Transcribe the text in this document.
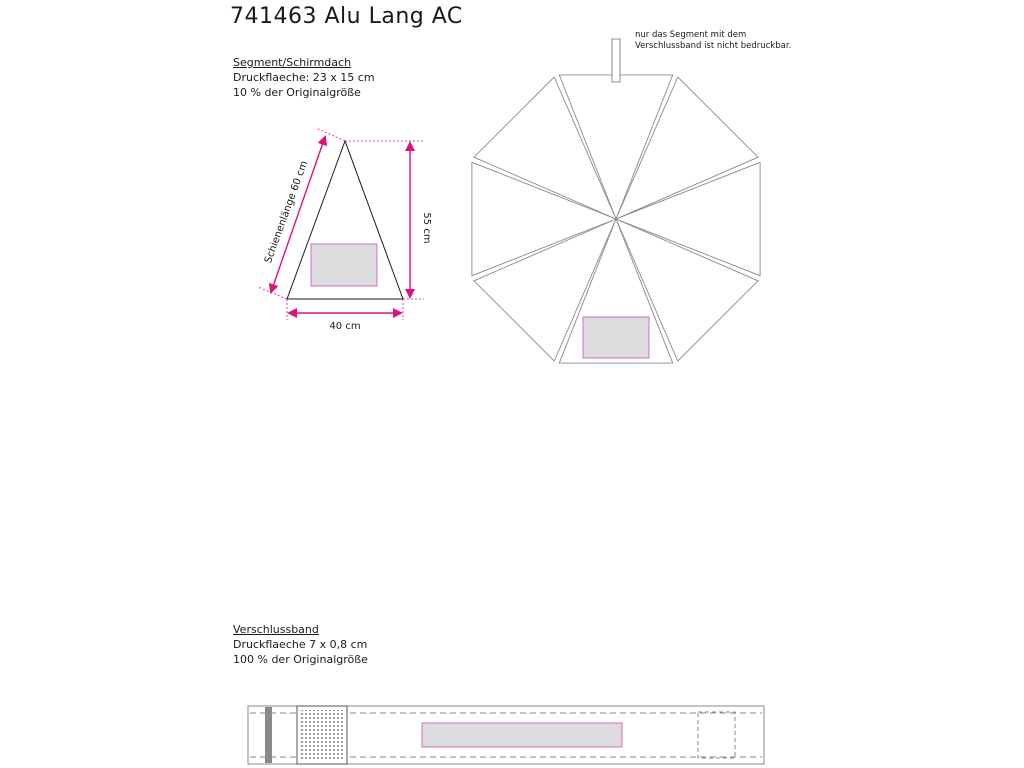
741463 Alu Lang AC
Segment/Schirmdach
Druckflaeche: 23 x 15 cm
10 % der Originalgröße
nur das Segment mit dem
Verschlussband ist nicht bedruckbar.
Verschlussband
Druckflaeche 7 x 0,8 cm
100 % der Originalgröße
Schienenlänge 60 cm	55 cm
40 cm
